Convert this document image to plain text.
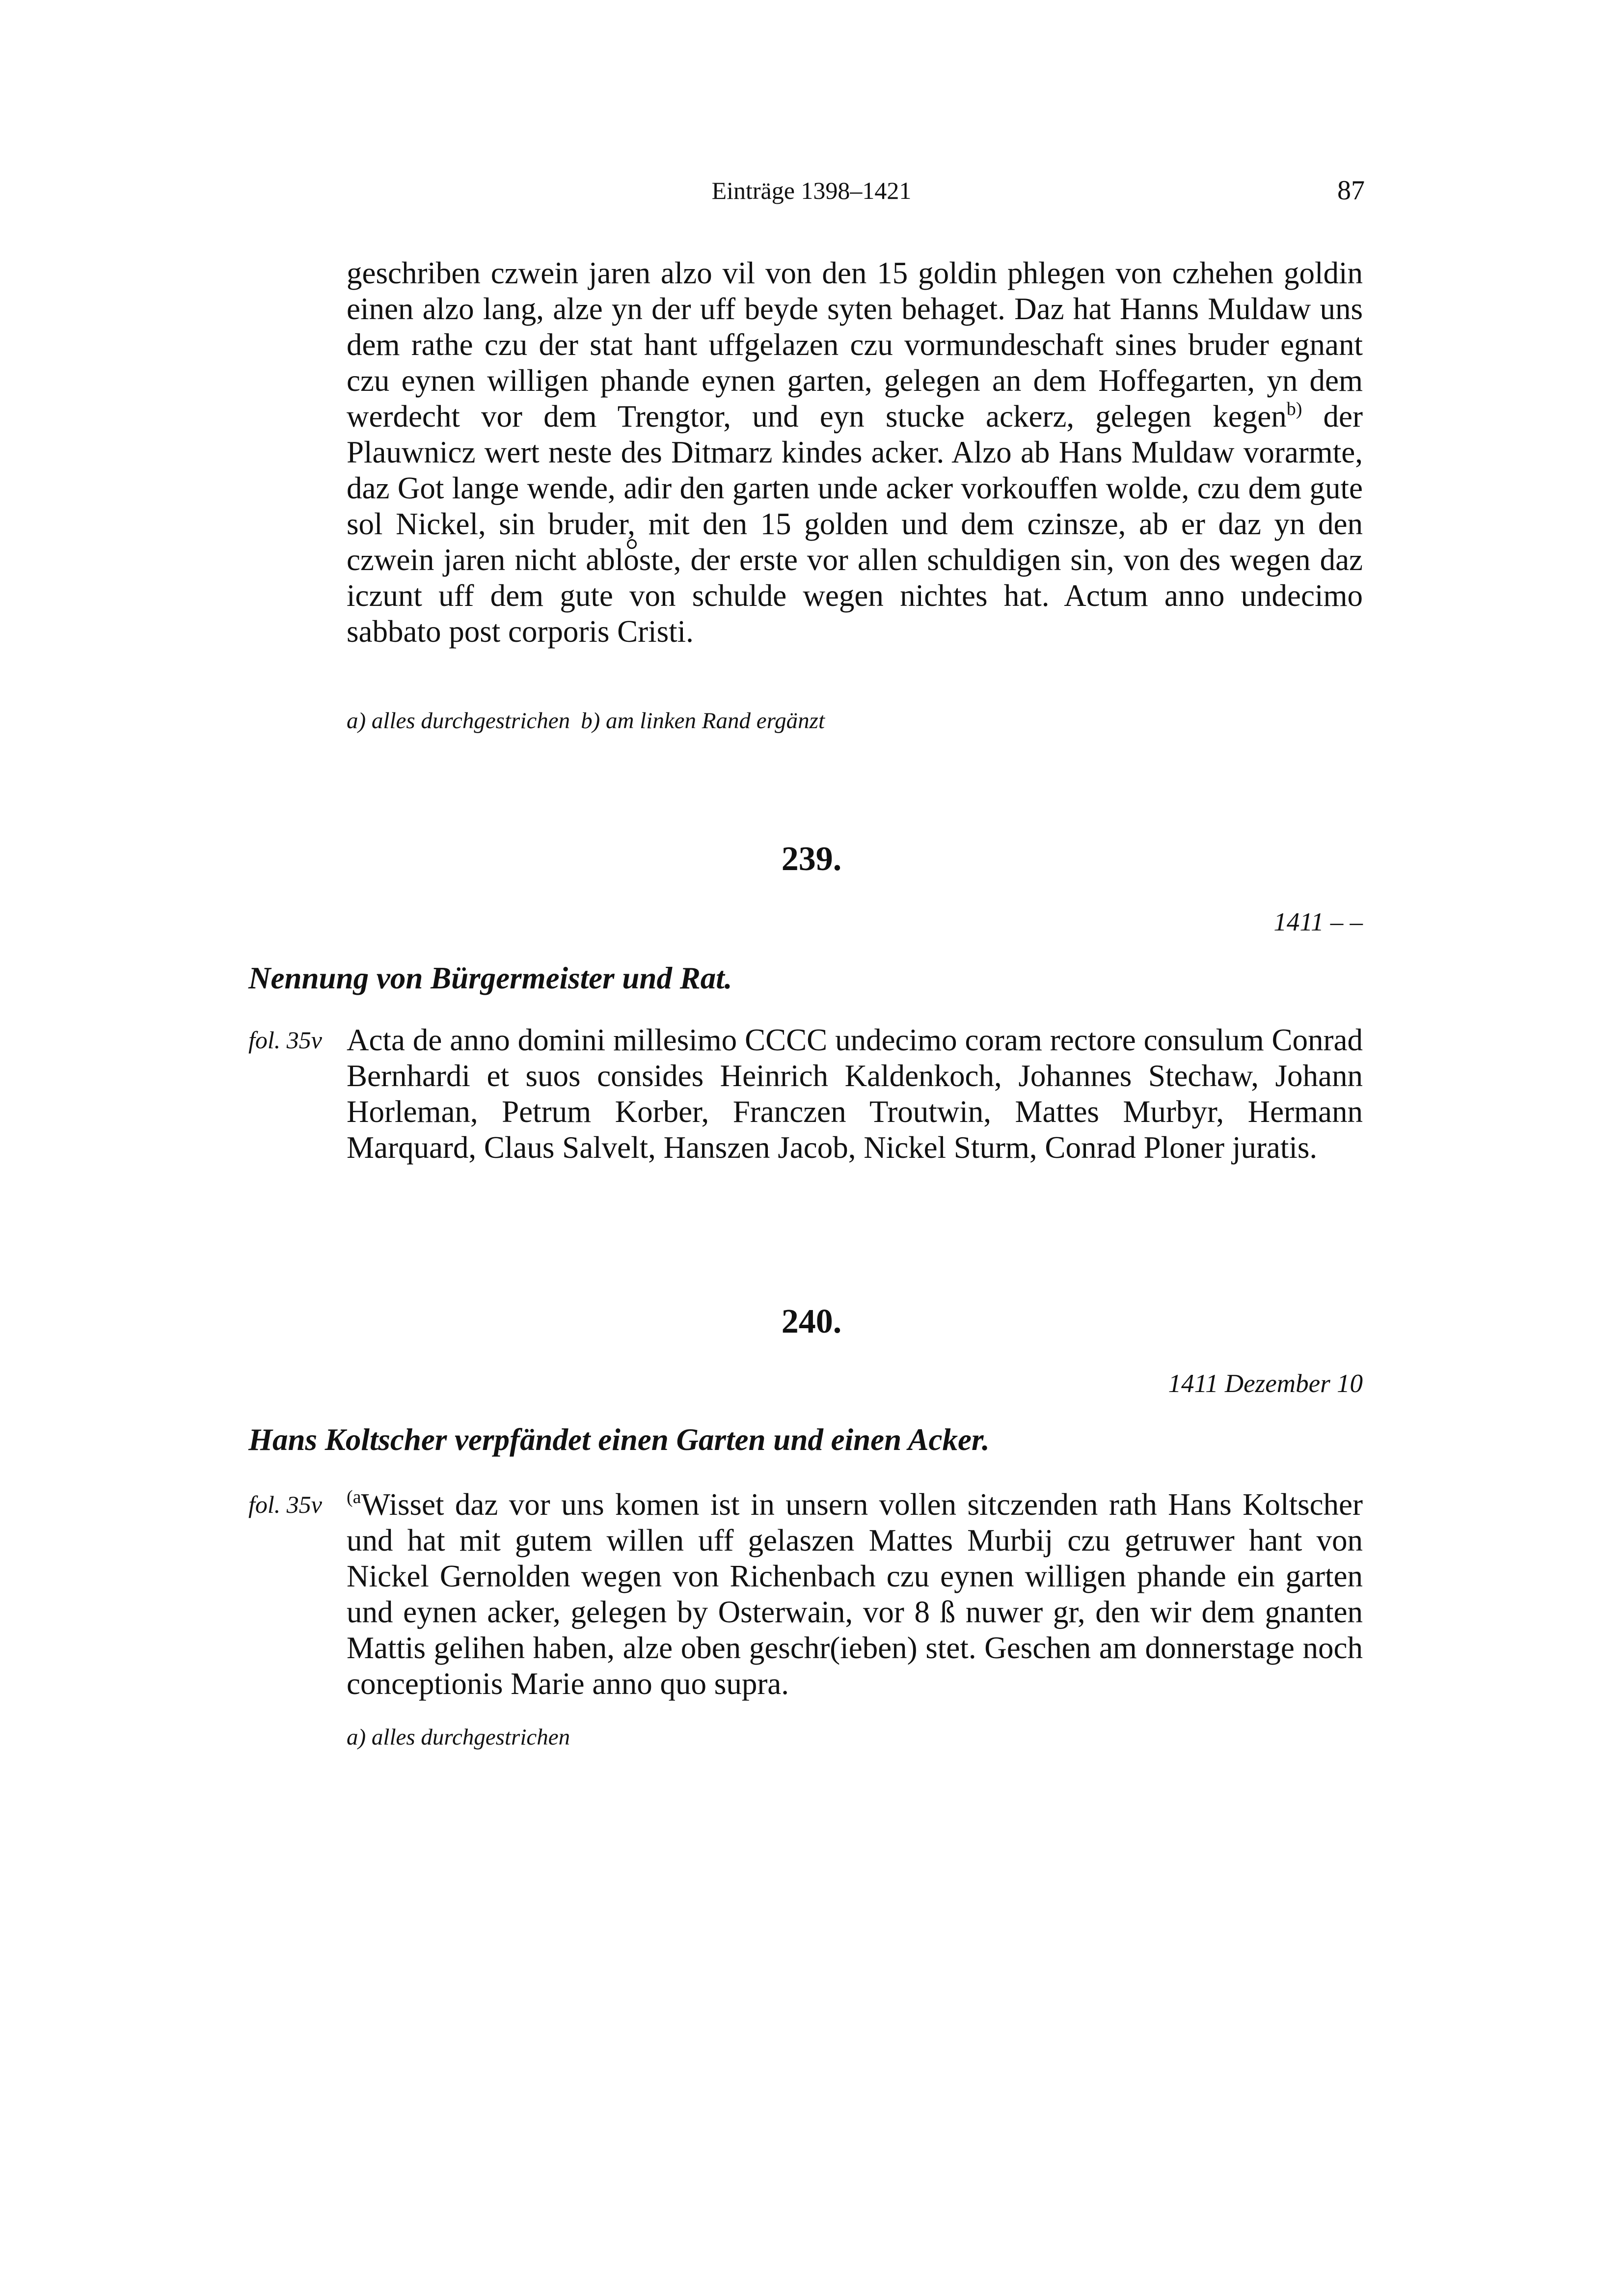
Einträge 1398–1421	87

geschriben czwein jaren alzo vil von den 15 goldin phlegen von czhehen goldin einen alzo lang, alze yn der uff beyde syten behaget. Daz hat Hanns Muldaw uns dem rathe czu der stat hant uffgelazen czu vormundeschaft sines bruder egnant czu eynen willigen phande eynen garten, gelegen an dem Hoffegarten, yn dem werdecht vor dem Trengtor, und eyn stucke ackerz, gelegen kegen$^{b)}$ der Plauwnicz wert neste des Ditmarz kindes acker. Alzo ab Hans Muldaw vorarmte, daz Got lange wende, adir den garten unde acker vorkouffen wolde, czu dem gute sol Nickel, sin bruder, mit den 15 golden und dem czinsze, ab er daz yn den czwein jaren nicht abloste, der erste vor allen schuldigen sin, von des wegen daz iczunt uff dem gute von schulde wegen nichtes hat. Actum anno undecimo sabbato post corporis Cristi.

a) alles durchgestrichen b) am linken Rand ergänzt
239.
1411 – –
Nennung von Bürgermeister und Rat.
fol. 35v Acta de anno domini millesimo CCCC undecimo coram rectore consulum Conrad Bernhardi et suos consides Heinrich Kaldenkoch, Johannes Stechaw, Johann Horleman, Petrum Korber, Franczen Troutwin, Mattes Murbyr, Hermann Marquard, Claus Salvelt, Hanszen Jacob, Nickel Sturm, Conrad Ploner juratis.

240.
1411 Dezember 10
Hans Koltscher verpfändet einen Garten und einen Acker.
fol. 35v	$^{(a}$Wisset daz vor uns komen ist in unsern vollen sitczenden rath Hans Koltscher und hat mit gutem willen uff gelaszen Mattes Murbij czu getruwer hant von Nickel Gernolden wegen von Richenbach czu eynen willigen phande ein garten und eynen acker, gelegen by Osterwain, vor 8 ß nuwer gr, den wir dem gnanten Mattis gelihen haben, alze oben geschr(ieben) stet. Geschen am donnerstage noch conceptionis Marie anno quo supra.

a) alles durchgestrichen
